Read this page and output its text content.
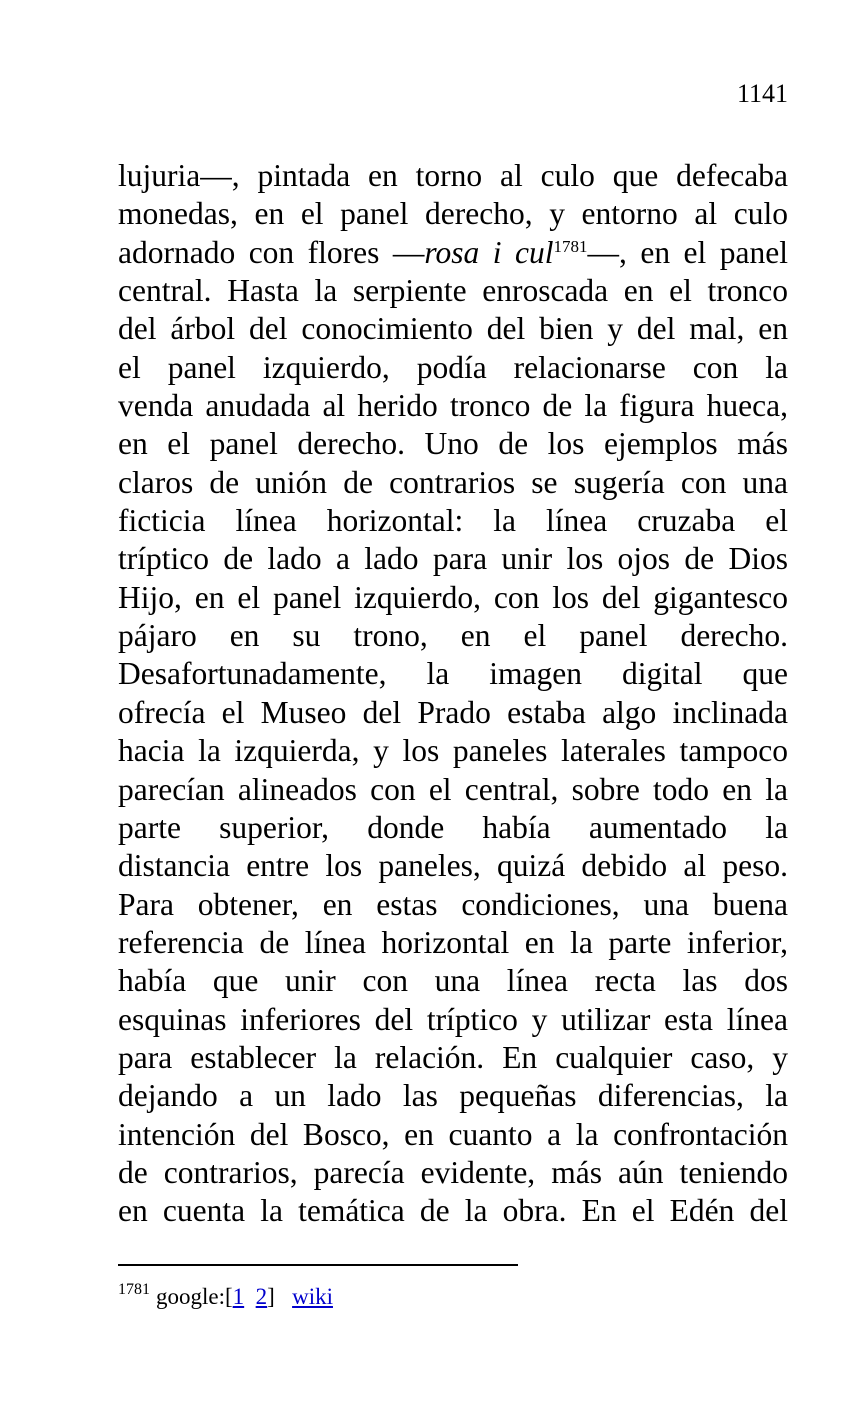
1141
lujuria—, pintada en torno al culo que defecaba
monedas, en el panel derecho, y entorno al culo
adornado con flores —rosa i cul$^{1781}$—, en el panel
central. Hasta la serpiente enroscada en el tronco
del árbol del conocimiento del bien y del mal, en
el panel izquierdo, podía relacionarse con la
venda anudada al herido tronco de la figura hueca,
en el panel derecho. Uno de los ejemplos más
claros de unión de contrarios se sugería con una
ficticia línea horizontal: la línea cruzaba el
tríptico de lado a lado para unir los ojos de Dios
Hijo, en el panel izquierdo, con los del gigantesco
pájaro en su trono, en el panel derecho.
Desafortunadamente, la imagen digital que
ofrecía el Museo del Prado estaba algo inclinada
hacia la izquierda, y los paneles laterales tampoco
parecían alineados con el central, sobre todo en la
parte superior, donde había aumentado la
distancia entre los paneles, quizá debido al peso.
Para obtener, en estas condiciones, una buena
referencia de línea horizontal en la parte inferior,
había que unir con una línea recta las dos
esquinas inferiores del tríptico y utilizar esta línea
para establecer la relación. En cualquier caso, y
dejando a un lado las pequeñas diferencias, la
intención del Bosco, en cuanto a la confrontación
de contrarios, parecía evidente, más aún teniendo
en cuenta la temática de la obra. En el Edén del
$^{1781}$ google:[1 2] wiki
